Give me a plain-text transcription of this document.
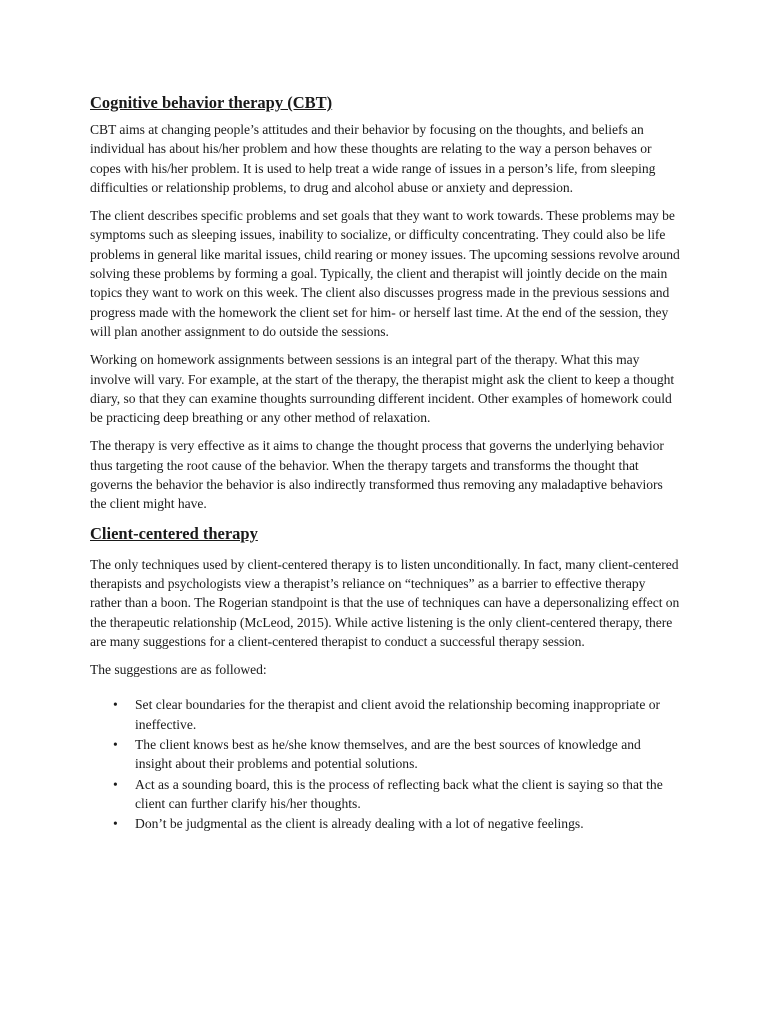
Cognitive behavior therapy (CBT)

CBT aims at changing people’s attitudes and their behavior by focusing on the thoughts, and beliefs an individual has about his/her problem and how these thoughts are relating to the way a person behaves or copes with his/her problem. It is used to help treat a wide range of issues in a person’s life, from sleeping difficulties or relationship problems, to drug and alcohol abuse or anxiety and depression.

The client describes specific problems and set goals that they want to work towards. These problems may be symptoms such as sleeping issues, inability to socialize, or difficulty concentrating. They could also be life problems in general like marital issues, child rearing or money issues. The upcoming sessions revolve around solving these problems by forming a goal. Typically, the client and therapist will jointly decide on the main topics they want to work on this week. The client also discusses progress made in the previous sessions and progress made with the homework the client set for him- or herself last time. At the end of the session, they will plan another assignment to do outside the sessions.

Working on homework assignments between sessions is an integral part of the therapy. What this may involve will vary. For example, at the start of the therapy, the therapist might ask the client to keep a thought diary, so that they can examine thoughts surrounding different incident. Other examples of homework could be practicing deep breathing or any other method of relaxation.

The therapy is very effective as it aims to change the thought process that governs the underlying behavior thus targeting the root cause of the behavior. When the therapy targets and transforms the thought that governs the behavior the behavior is also indirectly transformed thus removing any maladaptive behaviors the client might have.

Client-centered therapy

The only techniques used by client-centered therapy is to listen unconditionally. In fact, many client-centered therapists and psychologists view a therapist’s reliance on “techniques” as a barrier to effective therapy rather than a boon. The Rogerian standpoint is that the use of techniques can have a depersonalizing effect on the therapeutic relationship (McLeod, 2015). While active listening is the only client-centered therapy, there are many suggestions for a client-centered therapist to conduct a successful therapy session.

The suggestions are as followed:

• Set clear boundaries for the therapist and client avoid the relationship becoming inappropriate or ineffective.
• The client knows best as he/she know themselves, and are the best sources of knowledge and insight about their problems and potential solutions.
• Act as a sounding board, this is the process of reflecting back what the client is saying so that the client can further clarify his/her thoughts.
• Don’t be judgmental as the client is already dealing with a lot of negative feelings.
